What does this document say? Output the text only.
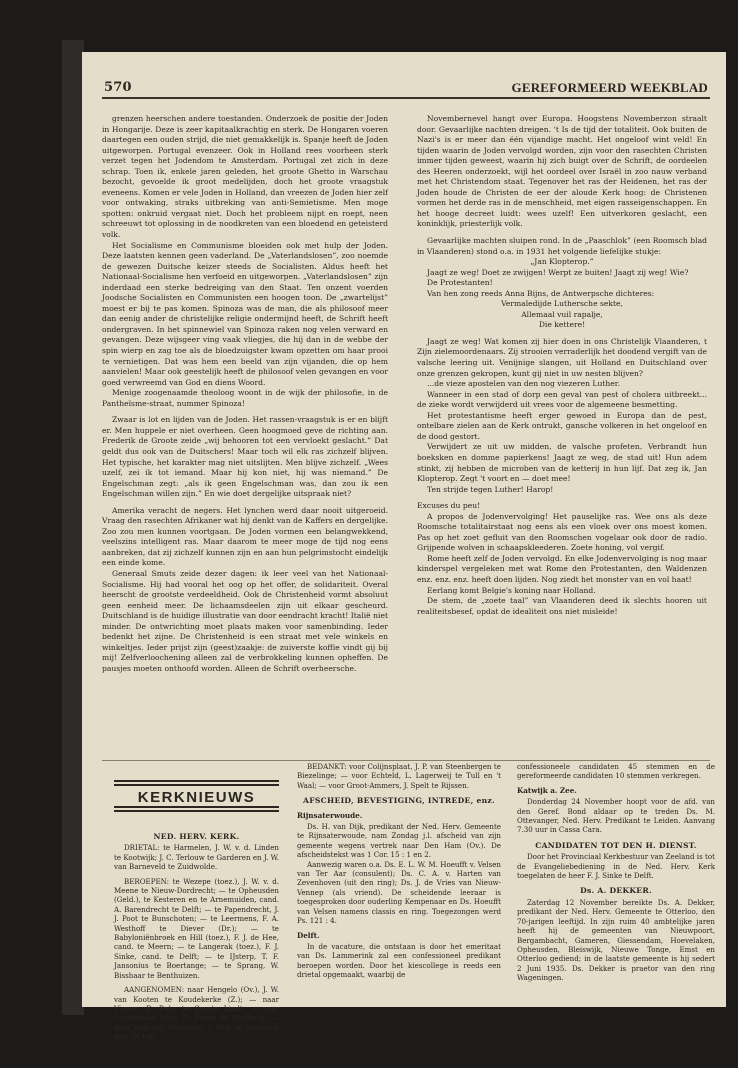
570	GEREFORMEERD WEEKBLAD

grenzen heerschen andere toestanden. Onderzoek de positie der Joden in Hongarije. Deze is zeer kapitaalkrachtig en sterk. De Hongaren voeren daartegen een ouden strijd, die niet gemakkelijk is. Spanje heeft de Joden uitgeworpen. Portugal evenzeer. Ook in Holland rees voorheen sterk verzet tegen het Jodendom te Amsterdam. Portugal zet zich in deze schrap. Toen ik, enkele jaren geleden, het groote Ghetto in Warschau bezocht, gevoelde ik groot medelijden, doch het groote vraagstuk eveneens. Komen er vele Joden in Holland, dan vreezen de Joden hier zelf voor ontwaking, straks uitbreking van anti-Semietisme. Men moge spotten: onkruid vergaat niet. Doch het probleem nijpt en roept, neen schreeuwt tot oplossing in de noodkreten van een bloedend en geteisterd volk.

Het Socialisme en Communisme bloeiden ook met hulp der Joden. Deze laatsten kennen geen vaderland. De „Vaterlandslosen”, zoo noemde de gewezen Duitsche keizer steeds de Socialisten. Aldus heeft het Nationaal-Socialisme hen verfoeid en uitgeworpen. „Vaterlandslosen” zijn inderdaad een sterke bedreiging van den Staat. Ten onzent voerden Joodsche Socialisten en Communisten een hoogen toon. De „zwartelijst” moest er bij te pas komen. Spinoza was de man, die als philosoof meer dan eenig ander de christelijke religie ondermijnd heeft, de Schrift heeft ondergraven. In het spinnewiel van Spinoza raken nog velen verward en gevangen. Deze wijsgeer ving vaak vliegjes, die hij dan in de webbe der spin wierp en zag toe als de bloedzuigster kwam opzetten om haar prooi te vernietigen. Dat was hem een beeld van zijn vijanden, die op hem aanvielen! Maar ook geestelijk heeft de philosoof velen gevangen en voor goed verwreemd van God en diens Woord.

Menige zoogenaamde theoloog woont in de wijk der philosofie, in de Pantheïsme-straat, nummer Spinoza!

Zwaar is lot en lijden van de Joden. Het rassen-vraagstuk is er en blijft er. Men huppele er niet overheen. Geen hoogmoed geve de richting aan. Frederik de Groote zeide „wij behooren tot een vervloekt geslacht.” Dat geldt dus ook van de Duitschers! Maar toch wil elk ras zichzelf blijven. Het typische, het karakter mag niet uitslijten. Men blijve zichzelf. „Wees uzelf, zei ik tot iemand. Maar hij kon niet, hij was niemand.” De Engelschman zegt: „als ik geen Engelschman was, dan zou ik een Engelschman willen zijn.” En wie doet dergelijke uitspraak niet?

Amerika veracht de negers. Het lynchen werd daar nooit uitgeroeid. Vraag den rasechten Afrikaner wat hij denkt van de Kaffers en dergelijke. Zoo zou men kunnen voortgaan. De Joden vormen een belangwekkend, veelszins intelligent ras. Maar daarom te meer moge de tijd nog eens aanbreken, dat zij zichzelf kunnen zijn en aan hun pelgrimstocht eindelijk een einde kome.

Generaal Smuts zeide dezer dagen: ik leer veel van het Nationaal-Socialisme. Hij had vooral het oog op het offer, de solidariteit. Overal heerscht de grootste verdeeldheid. Ook de Christenheid vormt absoluut geen eenheid meer. De lichaamsdeelen zijn uit elkaar gescheurd. Duitschland is de huidige illustratie van door eendracht kracht! Italië niet minder. De ontwrichting moet plaats maken voor samenbinding. Ieder bedenkt het zijne. De Christenheid is een straat met vele winkels en winkeltjes. Ieder prijst zijn (geest)zaakje: de zuiverste koffie vindt gij bij mij! Zelfverloochening alleen zal de verbrokkeling kunnen opheffen. De pausjes moeten onthoofd worden. Alleen de Schrift overheersche.

Novembernevel hangt over Europa. Hoogstens Novemberzon straalt door. Gevaarlijke nachten dreigen. 't Is de tijd der totaliteit. Ook buiten de Nazi's is er meer dan één vijandige macht. Het ongeloof wint veld! En tijden waarin de Joden vervolgd worden, zijn voor den rasechten Christen immer tijden geweest, waarin hij zich buigt over de Schrift, de oordeelen des Heeren onderzoekt, wijl het oordeel over Israël in zoo nauw verband met het Christendom staat. Tegenover het ras der Heidenen, het ras der Joden houde de Christen de eer der aloude Kerk hoog: de Christenen vormen het derde ras in de menschheid, met eigen rasseigenschappen. En het hooge decreet luidt: wees uzelf! Een uitverkoren geslacht, een koninklijk, priesterlijk volk.

Gevaarlijke machten sluipen rond. In de „Paaschlok” (een Roomsch blad in Vlaanderen) stond o.a. in 1931 het volgende liefelijke stukje:

„Jan Klopterop.”

Jaagt ze weg! Doet ze zwijgen! Werpt ze buiten! Jaagt zij weg! Wie?

De Protestanten!

Van hen zong reeds Anna Bijns, de Antwerpsche dichteres:

Vermaledijde Luthersche sekte,

Allemaal vuil rapalje,

Die kettere!

Jaagt ze weg! Wat komen zij hier doen in ons Christelijk Vlaanderen, t Zijn zielemoordenaars. Zij strooien verraderlijk het doodend vergift van de valsche leering uit. Venijnige slangen, uit Holland en Duitschland over onze grenzen gekropen, kunt gij niet in uw nesten blijven?

...de vieze apostelen van den nog viezeren Luther.

Wanneer in een stad of dorp een geval van pest of cholera uitbreekt... de zieke wordt verwijderd uit vrees voor de algemeene besmetting.

Het protestantisme heeft erger gewoed in Europa dan de pest, ontelbare zielen aan de Kerk ontrukt, gansche volkeren in het ongeloof en de dood gestort.

Verwijdert ze uit uw midden, de valsche profeten. Verbrandt hun boeksken en domme papierkens! Jaagt ze weg, de stad uit! Hun adem stinkt, zij hebben de microben van de ketterij in hun lijf. Dat zeg ik, Jan Klopterop. Zegt 't voort en — doet mee!

Ten strijde tegen Luther! Harop!

Excuses du peu!

A propos de Jodenvervolging! Het pauselijke ras. Wee ons als deze Roomsche totalitairstaat nog eens als een vloek over ons moest komen. Pas op het zoet gefluit van den Roomschen vogelaar ook door de radio. Grijpende wolven in schaapskleederen. Zoete honing, vol vergif.

Rome heeft zelf de Joden vervolgd. En elke Jodenvervolging is nog maar kinderspel vergeleken met wat Rome den Protestanten, den Waldenzen enz. enz. enz. heeft doen lijden. Nog ziedt het monster van en vol haat!

Eerlang komt Belgie's koning naar Holland.

De stem, de „zoete taal” van Vlaanderen deed ik slechts hooren uit realiteitsbesef, opdat de idealiteit ons niet misleide!

KERKNIEUWS
NED. HERV. KERK.

DRIETAL: te Harmelen, J. W. v. d. Linden te Kootwijk; J. C. Terlouw te Garderen en J. W. van Barneveld te Zuidwolde.

BEROEPEN: te Wezepe (toez.), J. W. v. d. Meene te Nieuw-Dordrecht; — te Opheusden (Geld.), te Kesteren en te Arnemuiden, cand. A. Barendrecht te Delft; — te Papendrecht, J. J. Poot te Bunschoten; — te Leermens, F. A. Westhoff te Diever (Dr.); — te Babyloniënbroek en Hill (toez.), F. J. de Hee, cand. te Meern; — te Langerak (toez.), F. J. Sinke, cand. te Delft; — te IJsterp, T. F. Jansonius te Boertange; — te Sprang, W. Bisshaar te Benthuizen.

AANGENOMEN: naar Hengelo (Ov.), J. W. van Kooten te Koudekerke (Z.); — naar Vianen, B. Buks te Groote Lindt; — naar Oosterwold (Gr.), D. Faber te Oostburg; — naar Wijk (bij Heusden), J. Slok te Langerak bez. de Lek.

BEDANKT: voor Colijnsplaat, J. P. van Steenbergen te Biezelinge; — voor Echteld, L. Lagerweij te Tull en 't Waal; — voor Groot-Ammers, J. Spelt te Rijssen.

AFSCHEID, BEVESTIGING, INTREDE, enz.
Rijnsaterwoude.

Ds. H. van Dijk, predikant der Ned. Herv. Gemeente te Rijnsaterwoude, nam Zondag j.l. afscheid van zijn gemeente wegens vertrek naar Den Ham (Ov.). De afscheidstekst was 1 Cor. 15 : 1 en 2.

Aanwezig waren o.a. Ds. E. L. W. M. Hoeufft v. Velsen van Ter Aar (consulent); Ds. C. A. v. Harten van Zevenhoven (uit den ring); Ds. J. de Vries van Nieuw-Vennep (als vriend). De scheidende leeraar is toegesproken door ouderling Kempenaar en Ds. Hoeufft van Velsen namens classis en ring. Toegezongen werd Ps. 121 : 4.

Delft.

In de vacature, die ontstaan is door het emeritaat van Ds. Lammerink zal een confessioneel predikant beroepen worden. Door het kiescollege is reeds een drietal opgemaakt, waarbij de

confessioneele candidaten 45 stemmen en de gereformeerde candidaten 10 stemmen verkregen.

Katwijk a. Zee.

Donderdag 24 November hoopt voor de afd. van den Geref. Bond aldaar op te treden Ds. M. Ottevanger, Ned. Herv. Predikant te Leiden. Aanvang 7.30 uur in Cassa Cara.

CANDIDATEN TOT DEN H. DIENST.

Door het Provinciaal Kerkbestuur van Zeeland is tot de Evangeliebediening in de Ned. Herv. Kerk toegelaten de heer F. J. Sinke te Delft.

Ds. A. DEKKER.

Zaterdag 12 November bereikte Ds. A. Dekker, predikant der Ned. Herv. Gemeente te Otterloo, den 70-jarigen leeftijd. In zijn ruim 40 ambtelijke jaren heeft hij de gemeenten van Nieuwpoort, Bergambacht, Gameren, Giessendam, Hoevelaken, Opheusden, Bleiswijk, Nieuwe Tonge, Emst en Otterloo gediend; in de laatste gemeente is hij sedert 2 Juni 1935. Ds. Dekker is praetor van den ring Wageningen.
